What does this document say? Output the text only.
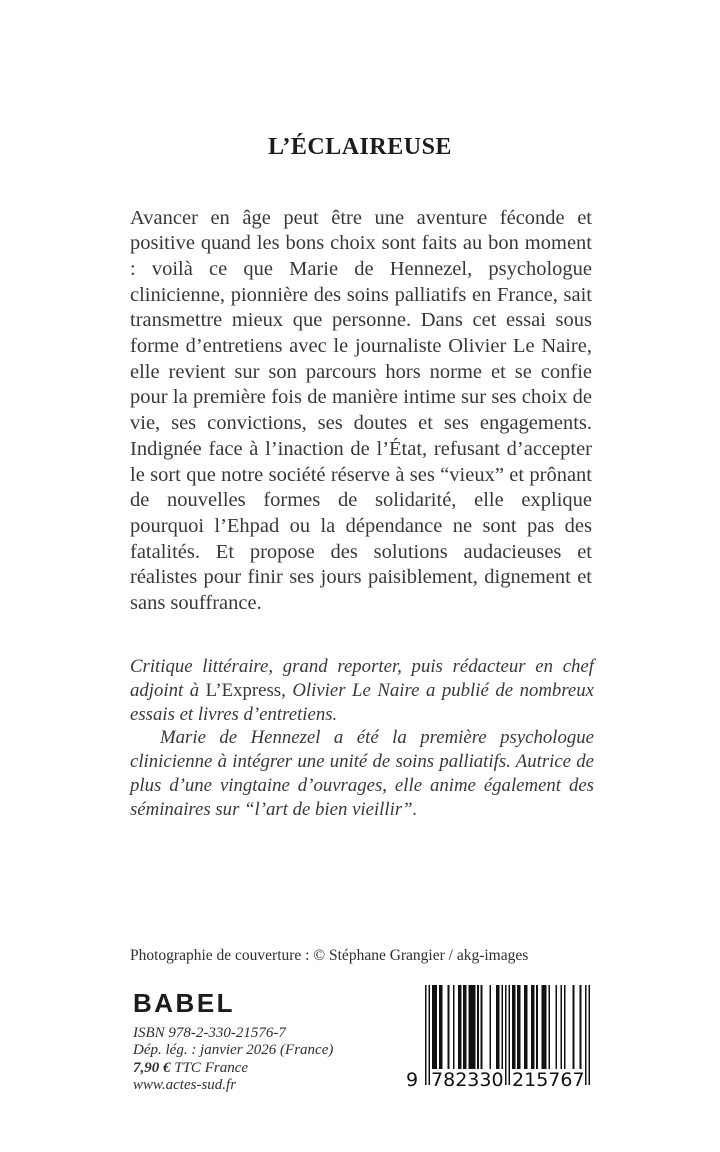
L’ÉCLAIREUSE

Avancer en âge peut être une aventure féconde et positive quand les bons choix sont faits au bon moment : voilà ce que Marie de Hennezel, psychologue clinicienne, pionnière des soins palliatifs en France, sait transmettre mieux que personne. Dans cet essai sous forme d’entretiens avec le journaliste Olivier Le Naire, elle revient sur son parcours hors norme et se confie pour la première fois de manière intime sur ses choix de vie, ses convictions, ses doutes et ses engagements. Indignée face à l’inaction de l’État, refusant d’accepter le sort que notre société réserve à ses “vieux” et prônant de nouvelles formes de solidarité, elle explique pourquoi l’Ehpad ou la dépendance ne sont pas des fatalités. Et propose des solutions audacieuses et réalistes pour finir ses jours paisiblement, dignement et sans souffrance.

Critique littéraire, grand reporter, puis rédacteur en chef adjoint à L’Express, Olivier Le Naire a publié de nombreux essais et livres d’entretiens.

Marie de Hennezel a été la première psychologue clinicienne à intégrer une unité de soins palliatifs. Autrice de plus d’une vingtaine d’ouvrages, elle anime également des séminaires sur “l’art de bien vieillir”.

Photographie de couverture : © Stéphane Grangier / akg-images
BABEL
ISBN 978-2-330-21576-7
Dép. lég. : janvier 2026 (France)
7,90 € TTC France
www.actes-sud.fr	9 7 8 2 3 3 0 2 1 5 7 6 7
